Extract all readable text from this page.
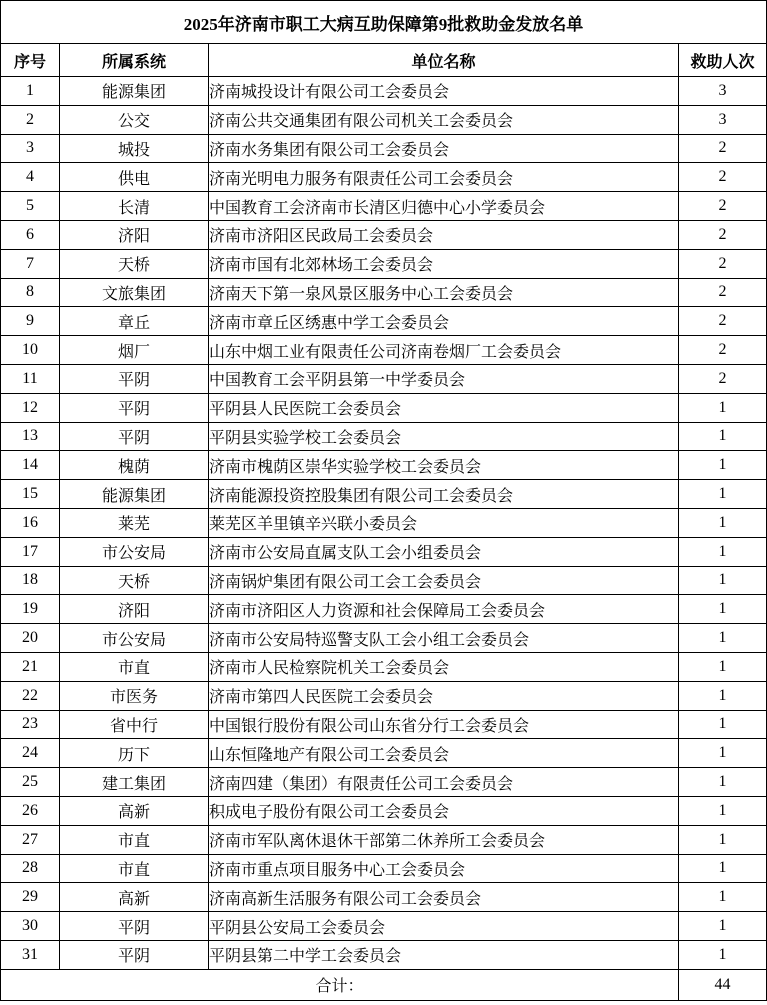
2025年济南市职工大病互助保障第9批救助金发放名单			
序号	所属系统	单位名称	救助人次
1	能源集团	济南城投设计有限公司工会委员会	3
2	公交	济南公共交通集团有限公司机关工会委员会	3
3	城投	济南水务集团有限公司工会委员会	2
4	供电	济南光明电力服务有限责任公司工会委员会	2
5	长清	中国教育工会济南市长清区归德中心小学委员会	2
6	济阳	济南市济阳区民政局工会委员会	2
7	天桥	济南市国有北郊林场工会委员会	2
8	文旅集团	济南天下第一泉风景区服务中心工会委员会	2
9	章丘	济南市章丘区绣惠中学工会委员会	2
10	烟厂	山东中烟工业有限责任公司济南卷烟厂工会委员会	2
11	平阴	中国教育工会平阴县第一中学委员会	2
12	平阴	平阴县人民医院工会委员会	1
13	平阴	平阴县实验学校工会委员会	1
14	槐荫	济南市槐荫区崇华实验学校工会委员会	1
15	能源集团	济南能源投资控股集团有限公司工会委员会	1
16	莱芜	莱芜区羊里镇辛兴联小委员会	1
17	市公安局	济南市公安局直属支队工会小组委员会	1
18	天桥	济南锅炉集团有限公司工会工会委员会	1
19	济阳	济南市济阳区人力资源和社会保障局工会委员会	1
20	市公安局	济南市公安局特巡警支队工会小组工会委员会	1
21	市直	济南市人民检察院机关工会委员会	1
22	市医务	济南市第四人民医院工会委员会	1
23	省中行	中国银行股份有限公司山东省分行工会委员会	1
24	历下	山东恒隆地产有限公司工会委员会	1
25	建工集团	济南四建（集团）有限责任公司工会委员会	1
26	高新	积成电子股份有限公司工会委员会	1
27	市直	济南市军队离休退休干部第二休养所工会委员会	1
28	市直	济南市重点项目服务中心工会委员会	1
29	高新	济南高新生活服务有限公司工会委员会	1
30	平阴	平阴县公安局工会委员会	1
31	平阴	平阴县第二中学工会委员会	1
合计：			44
